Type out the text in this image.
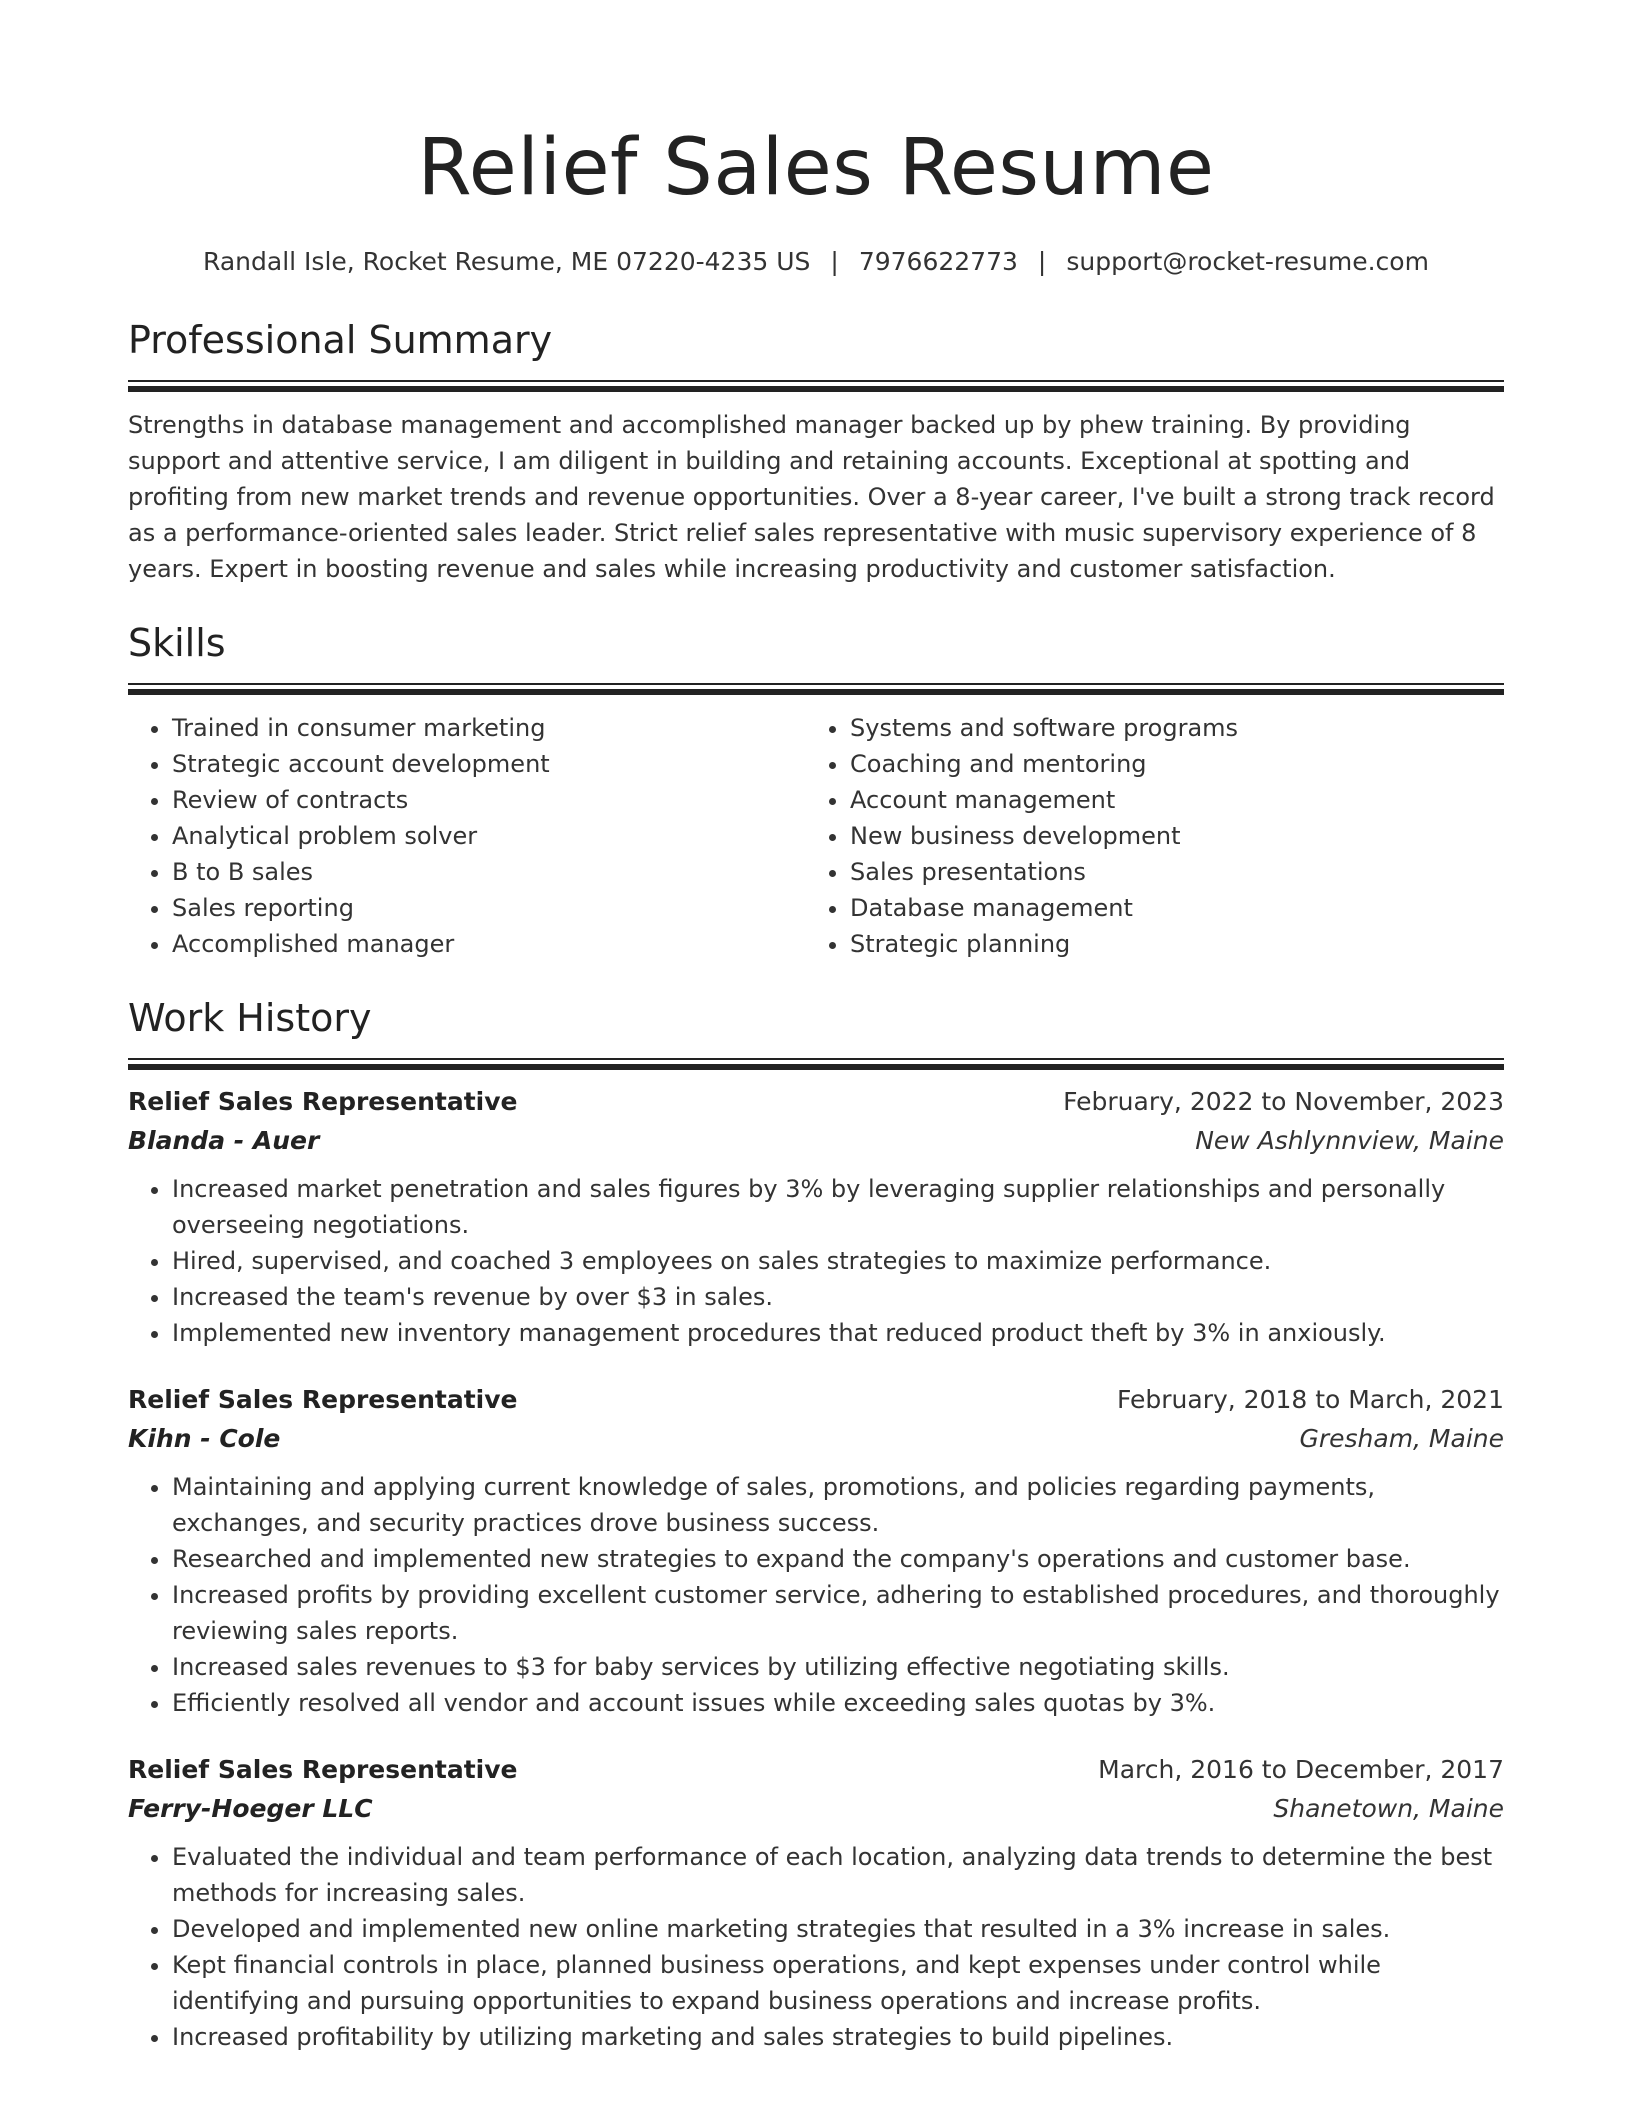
Relief Sales Resume
Randall Isle, Rocket Resume, ME 07220-4235 US | 7976622773 | support@rocket-resume.com
Professional Summary
Strengths in database management and accomplished manager backed up by phew training. By providing support and attentive service, I am diligent in building and retaining accounts. Exceptional at spotting and profiting from new market trends and revenue opportunities. Over a 8-year career, I've built a strong track record as a performance-oriented sales leader. Strict relief sales representative with music supervisory experience of 8 years. Expert in boosting revenue and sales while increasing productivity and customer satisfaction.
Skills
• Trained in consumer marketing
• Strategic account development
• Review of contracts
• Analytical problem solver
• B to B sales
• Sales reporting
• Accomplished manager
• Systems and software programs
• Coaching and mentoring
• Account management
• New business development
• Sales presentations
• Database management
• Strategic planning
Work History
Relief Sales Representative	February, 2022 to November, 2023
Blanda - Auer	New Ashlynnview, Maine
• Increased market penetration and sales figures by 3% by leveraging supplier relationships and personally overseeing negotiations.
• Hired, supervised, and coached 3 employees on sales strategies to maximize performance.
• Increased the team's revenue by over $3 in sales.
• Implemented new inventory management procedures that reduced product theft by 3% in anxiously.
Relief Sales Representative	February, 2018 to March, 2021
Kihn - Cole	Gresham, Maine
• Maintaining and applying current knowledge of sales, promotions, and policies regarding payments, exchanges, and security practices drove business success.
• Researched and implemented new strategies to expand the company's operations and customer base.
• Increased profits by providing excellent customer service, adhering to established procedures, and thoroughly reviewing sales reports.
• Increased sales revenues to $3 for baby services by utilizing effective negotiating skills.
• Efficiently resolved all vendor and account issues while exceeding sales quotas by 3%.
Relief Sales Representative	March, 2016 to December, 2017
Ferry-Hoeger LLC	Shanetown, Maine
• Evaluated the individual and team performance of each location, analyzing data trends to determine the best methods for increasing sales.
• Developed and implemented new online marketing strategies that resulted in a 3% increase in sales.
• Kept financial controls in place, planned business operations, and kept expenses under control while identifying and pursuing opportunities to expand business operations and increase profits.
• Increased profitability by utilizing marketing and sales strategies to build pipelines.
